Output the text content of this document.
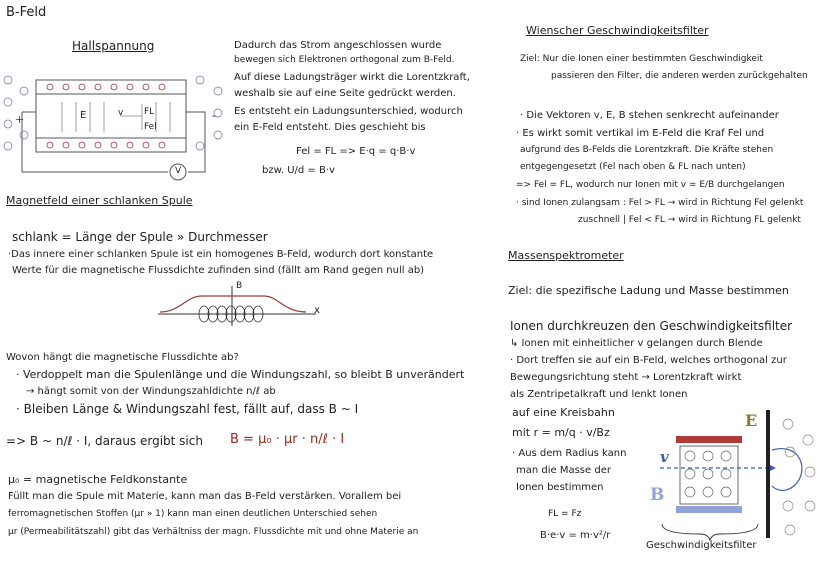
B-Feld
Hallspannung
+	-
E	v FL
Fel
V
Dadurch das Strom angeschlossen wurde
bewegen sich Elektronen orthogonal zum B-Feld.
Auf diese Ladungsträger wirkt die Lorentzkraft,
weshalb sie auf eine Seite gedrückt werden.
Es entsteht ein Ladungsunterschied, wodurch
ein E-Feld entsteht. Dies geschieht bis
Fel = FL => E·q = q·B·v
bzw. U/d = B·v
Magnetfeld einer schlanken Spule
schlank = Länge der Spule » Durchmesser
·Das innere einer schlanken Spule ist ein homogenes B-Feld, wodurch dort konstante
Werte für die magnetische Flussdichte zufinden sind (fällt am Rand gegen null ab)
B
x
Wovon hängt die magnetische Flussdichte ab?
· Verdoppelt man die Spulenlänge und die Windungszahl, so bleibt B unverändert
→ hängt somit von der Windungszahldichte n/ℓ ab
· Bleiben Länge & Windungszahl fest, fällt auf, dass B ~ I
=> B ~ n/ℓ · I, daraus ergibt sich B = μ₀ · μr · n/ℓ · I
μ₀ = magnetische Feldkonstante
Füllt man die Spule mit Materie, kann man das B-Feld verstärken. Vorallem bei
ferromagnetischen Stoffen (μr » 1) kann man einen deutlichen Unterschied sehen
μr (Permeabilitätszahl) gibt das Verhältniss der magn. Flussdichte mit und ohne Materie an
Wienscher Geschwindigkeitsfilter
Ziel: Nur die Ionen einer bestimmten Geschwindigkeit
passieren den Filter, die anderen werden zurückgehalten
· Die Vektoren v, E, B stehen senkrecht aufeinander
· Es wirkt somit vertikal im E-Feld die Kraf Fel und
aufgrund des B-Felds die Lorentzkraft. Die Kräfte stehen
entgegengesetzt (Fel nach oben & FL nach unten)
=> Fel = FL, wodurch nur Ionen mit v = E/B durchgelangen
· sind Ionen zulangsam : Fel > FL → wird in Richtung Fel gelenkt
zuschnell | Fel < FL → wird in Richtung FL gelenkt
Massenspektrometer
Ziel: die spezifische Ladung und Masse bestimmen
Ionen durchkreuzen den Geschwindigkeitsfilter
↳ Ionen mit einheitlicher v gelangen durch Blende
· Dort treffen sie auf ein B-Feld, welches orthogonal zur
Bewegungsrichtung steht → Lorentzkraft wirkt
als Zentripetalkraft und lenkt Ionen
auf eine Kreisbahn
mit r = m/q · v/Bz
· Aus dem Radius kann
man die Masse der
Ionen bestimmen
FL = Fz
B·e·v = m·v²/r
E
v
B
Geschwindigkeitsfilter
